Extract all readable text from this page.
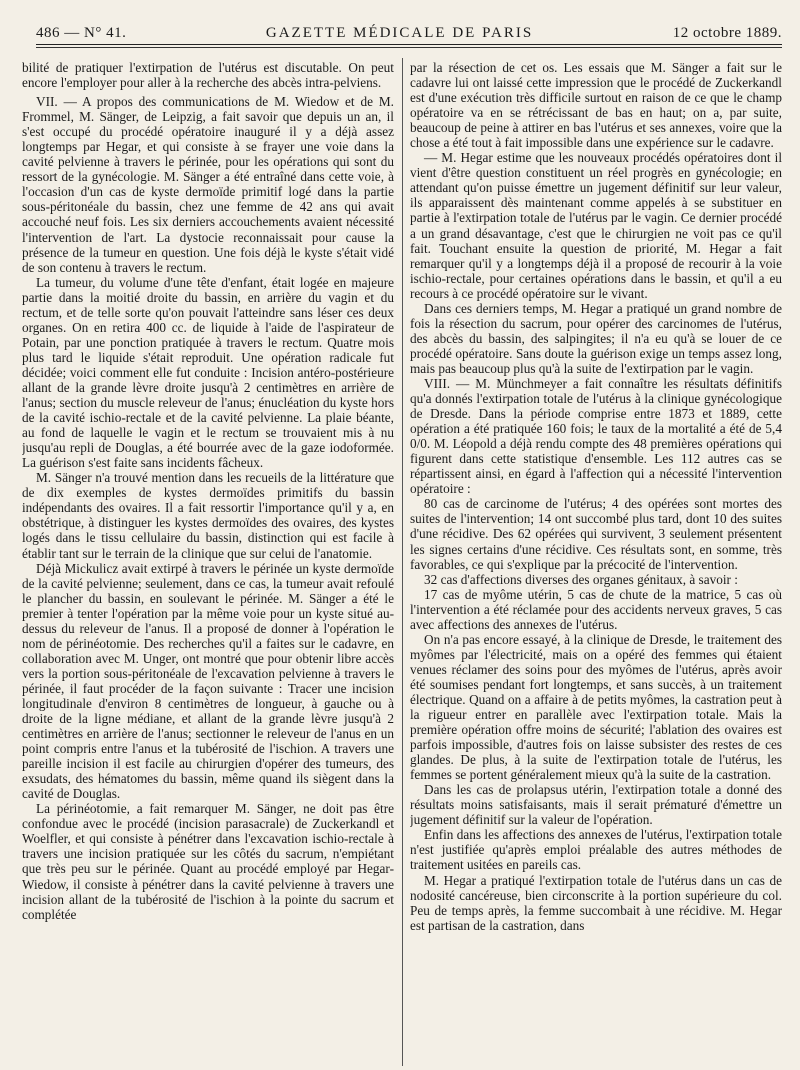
486 — N° 41.	GAZETTE MÉDICALE DE PARIS	12 octobre 1889.

bilité de pratiquer l'extirpation de l'utérus est discutable. On peut encore l'employer pour aller à la recherche des abcès intra-pelviens.

VII. — A propos des communications de M. Wiedow et de M. Frommel, M. Sänger, de Leipzig, a fait savoir que depuis un an, il s'est occupé du procédé opératoire inauguré il y a déjà assez longtemps par Hegar, et qui consiste à se frayer une voie dans la cavité pelvienne à travers le périnée, pour les opérations qui sont du ressort de la gynécologie. M. Sänger a été entraîné dans cette voie, à l'occasion d'un cas de kyste dermoïde primitif logé dans la partie sous-péritonéale du bassin, chez une femme de 42 ans qui avait accouché neuf fois. Les six derniers accouchements avaient nécessité l'intervention de l'art. La dystocie reconnaissait pour cause la présence de la tumeur en question. Une fois déjà le kyste s'était vidé de son contenu à travers le rectum.

La tumeur, du volume d'une tête d'enfant, était logée en majeure partie dans la moitié droite du bassin, en arrière du vagin et du rectum, et de telle sorte qu'on pouvait l'atteindre sans léser ces deux organes. On en retira 400 cc. de liquide à l'aide de l'aspirateur de Potain, par une ponction pratiquée à travers le rectum. Quatre mois plus tard le liquide s'était reproduit. Une opération radicale fut décidée; voici comment elle fut conduite : Incision antéro-postérieure allant de la grande lèvre droite jusqu'à 2 centimètres en arrière de l'anus; section du muscle releveur de l'anus; énucléation du kyste hors de la cavité ischio-rectale et de la cavité pelvienne. La plaie béante, au fond de laquelle le vagin et le rectum se trouvaient mis à nu jusqu'au repli de Douglas, a été bourrée avec de la gaze iodoformée. La guérison s'est faite sans incidents fâcheux.

M. Sänger n'a trouvé mention dans les recueils de la littérature que de dix exemples de kystes dermoïdes primitifs du bassin indépendants des ovaires. Il a fait ressortir l'importance qu'il y a, en obstétrique, à distinguer les kystes dermoïdes des ovaires, des kystes logés dans le tissu cellulaire du bassin, distinction qui est facile à établir tant sur le terrain de la clinique que sur celui de l'anatomie.

Déjà Mickulicz avait extirpé à travers le périnée un kyste dermoïde de la cavité pelvienne; seulement, dans ce cas, la tumeur avait refoulé le plancher du bassin, en soulevant le périnée. M. Sänger a été le premier à tenter l'opération par la même voie pour un kyste situé au-dessus du releveur de l'anus. Il a proposé de donner à l'opération le nom de périnéotomie. Des recherches qu'il a faites sur le cadavre, en collaboration avec M. Unger, ont montré que pour obtenir libre accès vers la portion sous-péritonéale de l'excavation pelvienne à travers le périnée, il faut procéder de la façon suivante : Tracer une incision longitudinale d'environ 8 centimètres de longueur, à gauche ou à droite de la ligne médiane, et allant de la grande lèvre jusqu'à 2 centimètres en arrière de l'anus; sectionner le releveur de l'anus en un point compris entre l'anus et la tubérosité de l'ischion. A travers une pareille incision il est facile au chirurgien d'opérer des tumeurs, des exsudats, des hématomes du bassin, même quand ils siègent dans la cavité de Douglas.

La périnéotomie, a fait remarquer M. Sänger, ne doit pas être confondue avec le procédé (incision parasacrale) de Zuckerkandl et Woelfler, et qui consiste à pénétrer dans l'excavation ischio-rectale à travers une incision pratiquée sur les côtés du sacrum, n'empiétant que très peu sur le périnée. Quant au procédé employé par Hegar-Wiedow, il consiste à pénétrer dans la cavité pelvienne à travers une incision allant de la tubérosité de l'ischion à la pointe du sacrum et complétée

par la résection de cet os. Les essais que M. Sänger a fait sur le cadavre lui ont laissé cette impression que le procédé de Zuckerkandl est d'une exécution très difficile surtout en raison de ce que le champ opératoire va en se rétrécissant de bas en haut; on a, par suite, beaucoup de peine à attirer en bas l'utérus et ses annexes, voire que la chose a été tout à fait impossible dans une expérience sur le cadavre.

— M. Hegar estime que les nouveaux procédés opératoires dont il vient d'être question constituent un réel progrès en gynécologie; en attendant qu'on puisse émettre un jugement définitif sur leur valeur, ils apparaissent dès maintenant comme appelés à se substituer en partie à l'extirpation totale de l'utérus par le vagin. Ce dernier procédé a un grand désavantage, c'est que le chirurgien ne voit pas ce qu'il fait. Touchant ensuite la question de priorité, M. Hegar a fait remarquer qu'il y a longtemps déjà il a proposé de recourir à la voie ischio-rectale, pour certaines opérations dans le bassin, et qu'il a eu recours à ce procédé opératoire sur le vivant.

Dans ces derniers temps, M. Hegar a pratiqué un grand nombre de fois la résection du sacrum, pour opérer des carcinomes de l'utérus, des abcès du bassin, des salpingites; il n'a eu qu'à se louer de ce procédé opératoire. Sans doute la guérison exige un temps assez long, mais pas beaucoup plus qu'à la suite de l'extirpation par le vagin.

VIII. — M. Münchmeyer a fait connaître les résultats définitifs qu'a donnés l'extirpation totale de l'utérus à la clinique gynécologique de Dresde. Dans la période comprise entre 1873 et 1889, cette opération a été pratiquée 160 fois; le taux de la mortalité a été de 5,4 0/0. M. Léopold a déjà rendu compte des 48 premières opérations qui figurent dans cette statistique d'ensemble. Les 112 autres cas se répartissent ainsi, en égard à l'affection qui a nécessité l'intervention opératoire :

80 cas de carcinome de l'utérus; 4 des opérées sont mortes des suites de l'intervention; 14 ont succombé plus tard, dont 10 des suites d'une récidive. Des 62 opérées qui survivent, 3 seulement présentent les signes certains d'une récidive. Ces résultats sont, en somme, très favorables, ce qui s'explique par la précocité de l'intervention.

32 cas d'affections diverses des organes génitaux, à savoir :

17 cas de myôme utérin, 5 cas de chute de la matrice, 5 cas où l'intervention a été réclamée pour des accidents nerveux graves, 5 cas avec affections des annexes de l'utérus.

On n'a pas encore essayé, à la clinique de Dresde, le traitement des myômes par l'électricité, mais on a opéré des femmes qui étaient venues réclamer des soins pour des myômes de l'utérus, après avoir été soumises pendant fort longtemps, et sans succès, à un traitement électrique. Quand on a affaire à de petits myômes, la castration peut à la rigueur entrer en parallèle avec l'extirpation totale. Mais la première opération offre moins de sécurité; l'ablation des ovaires est parfois impossible, d'autres fois on laisse subsister des restes de ces glandes. De plus, à la suite de l'extirpation totale de l'utérus, les femmes se portent généralement mieux qu'à la suite de la castration.

Dans les cas de prolapsus utérin, l'extirpation totale a donné des résultats moins satisfaisants, mais il serait prématuré d'émettre un jugement définitif sur la valeur de l'opération.

Enfin dans les affections des annexes de l'utérus, l'extirpation totale n'est justifiée qu'après emploi préalable des autres méthodes de traitement usitées en pareils cas.

M. Hegar a pratiqué l'extirpation totale de l'utérus dans un cas de nodosité cancéreuse, bien circonscrite à la portion supérieure du col. Peu de temps après, la femme succombait à une récidive. M. Hegar est partisan de la castration, dans
